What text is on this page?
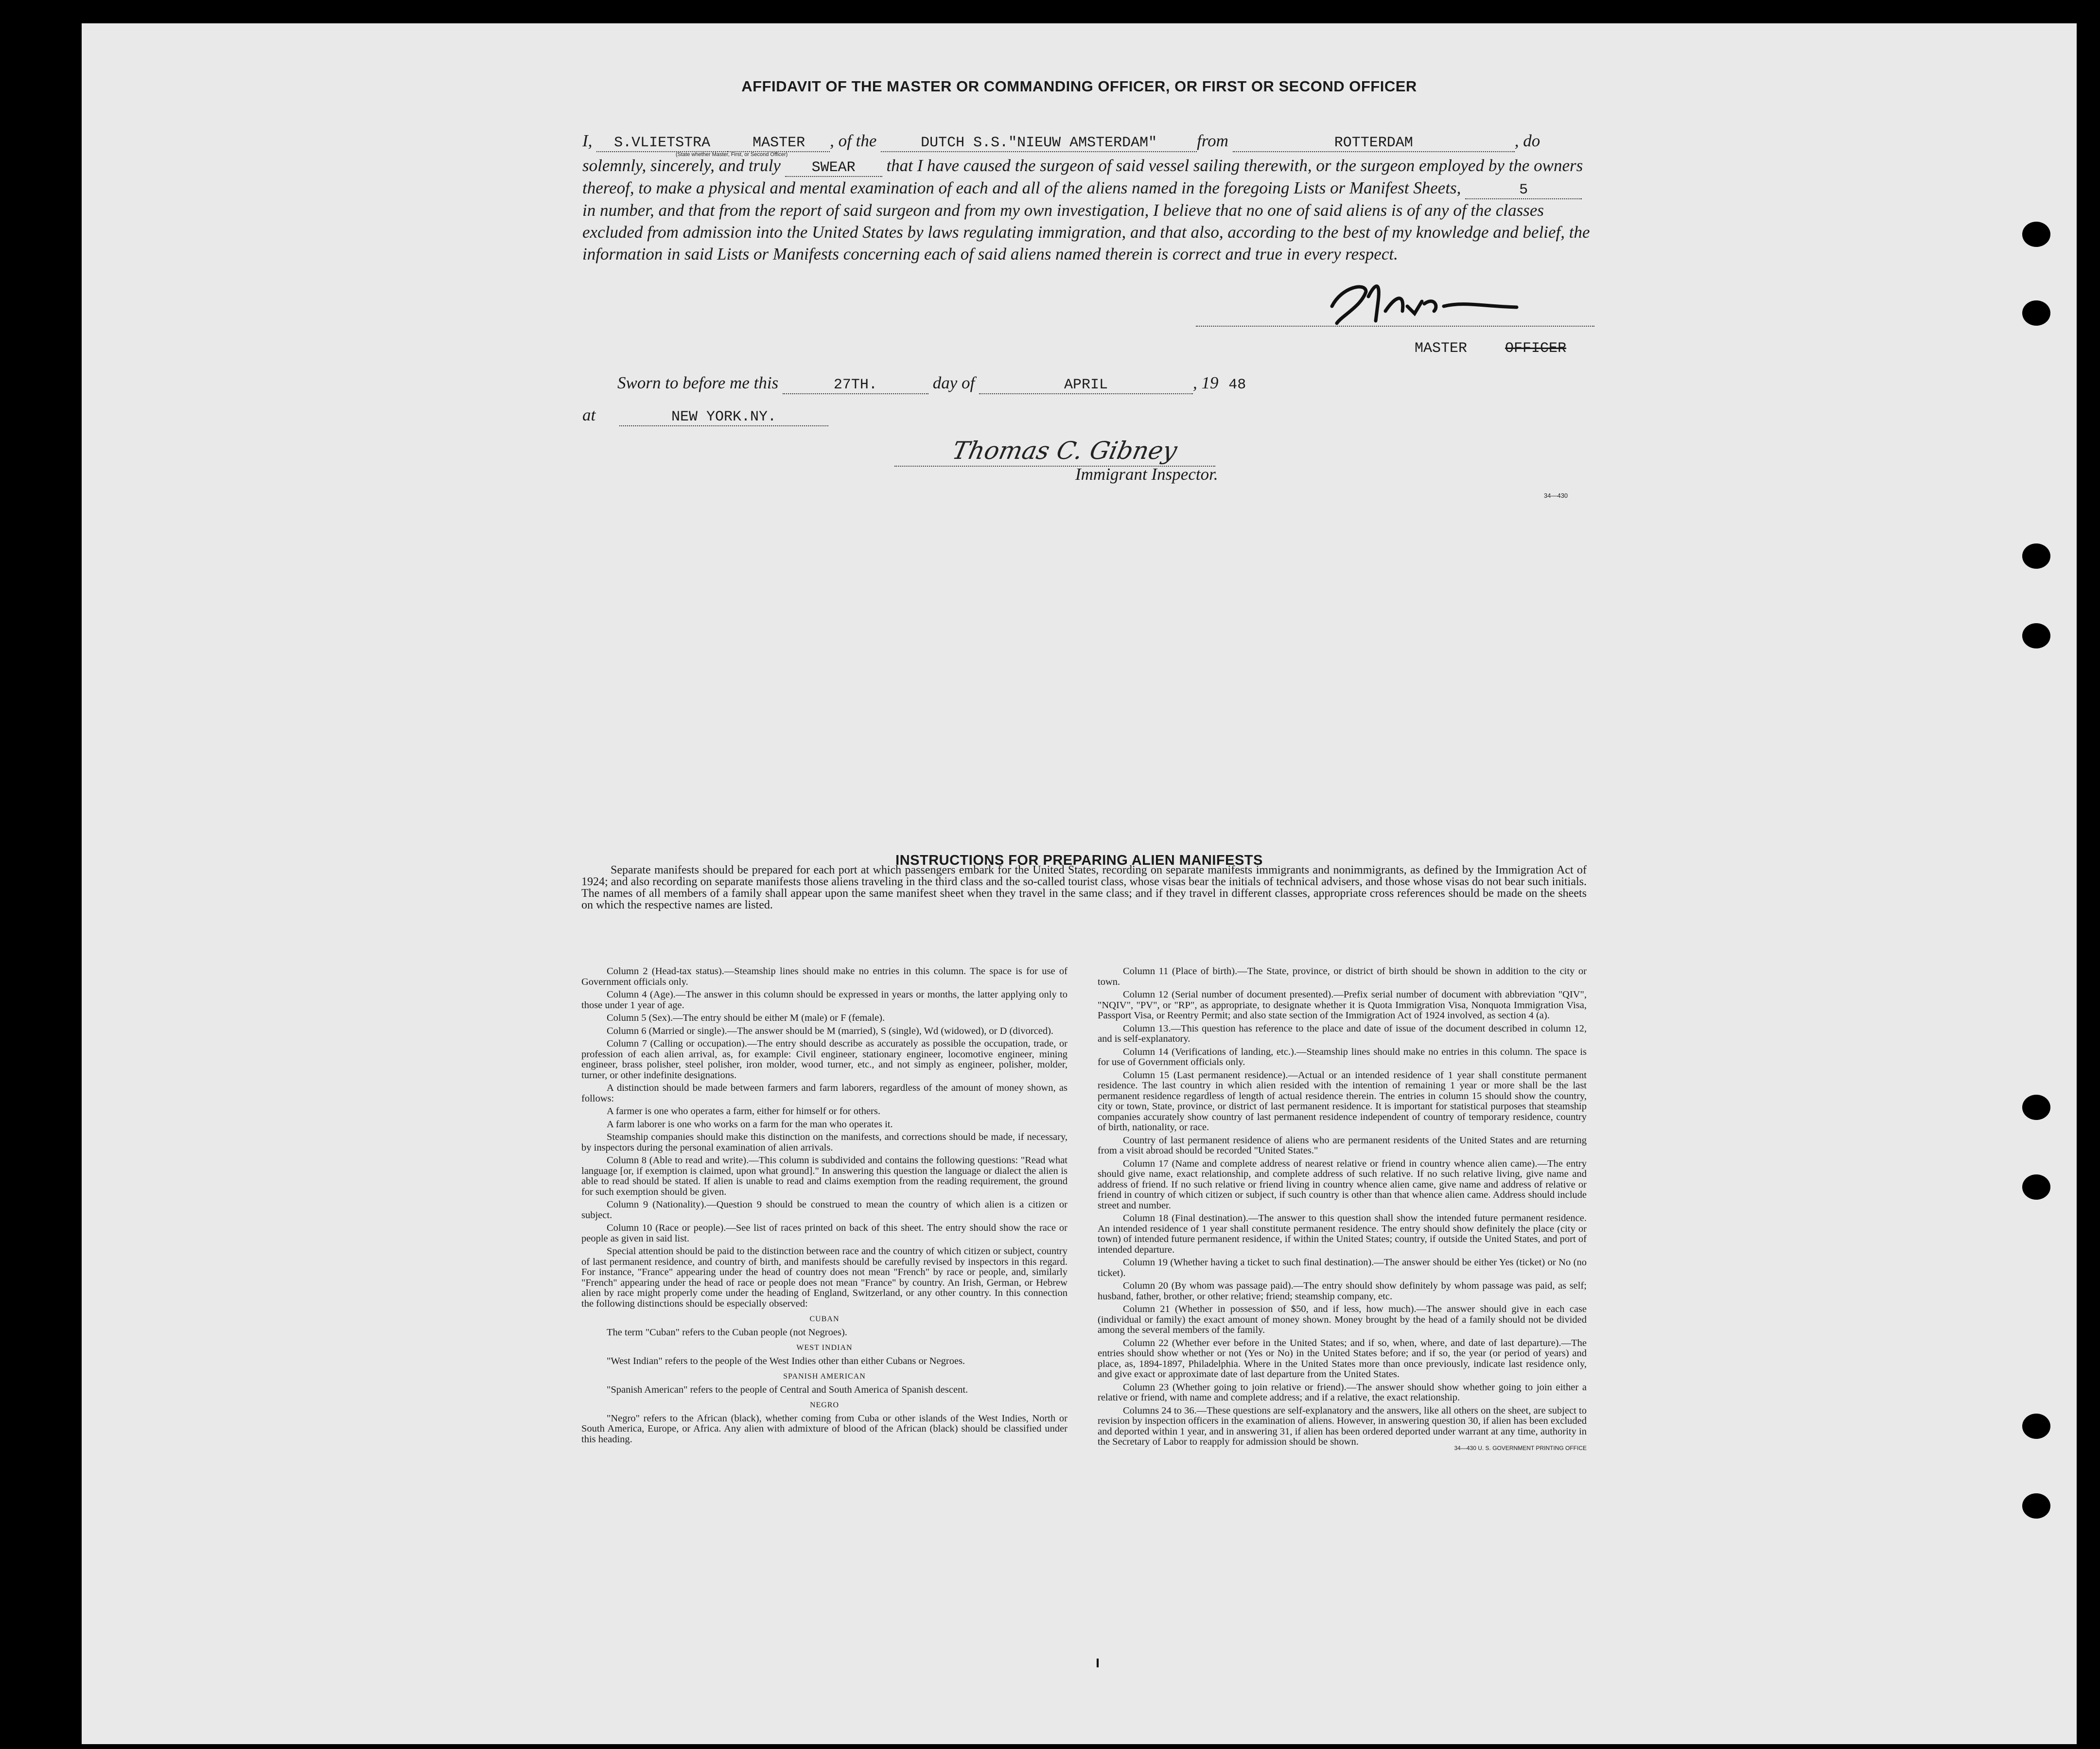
AFFIDAVIT OF THE MASTER OR COMMANDING OFFICER, OR FIRST OR SECOND OFFICER
I, S.VLIETSTRA	MASTER , of the	DUTCH S.S."NIEUW AMSTERDAM" from	ROTTERDAM	, do
(State whether Master, First, or Second Officer)
solemnly, sincerely, and truly SWEAR that I have caused the surgeon of said vessel sailing therewith, or the surgeon employed by the owners thereof, to make a physical and mental examination of each and all of the aliens named in the foregoing Lists or Manifest Sheets,	5 in number, and that from the report of said surgeon and from my own investigation, I believe that no one of said aliens is of any of the classes excluded from admission into the United States by laws regulating immigration, and that also, according to the best of my knowledge and belief, the information in said Lists or Manifests concerning each of said aliens named therein is correct and true in every respect.
MASTER	OFFICER
Sworn to before me this	27TH.	day of	APRIL	, 19 48
at	NEW YORK.NY.
Thomas C. Gibney
Immigrant Inspector.
34—430
INSTRUCTIONS FOR PREPARING ALIEN MANIFESTS
Separate manifests should be prepared for each port at which passengers embark for the United States, recording on separate manifests immigrants and nonimmigrants, as defined by the Immigration Act of 1924; and also recording on separate manifests those aliens traveling in the third class and the so-called tourist class, whose visas bear the initials of technical advisers, and those whose visas do not bear such initials. The names of all members of a family shall appear upon the same manifest sheet when they travel in the same class; and if they travel in different classes, appropriate cross references should be made on the sheets on which the respective names are listed.

Column 2 (Head-tax status).—Steamship lines should make no entries in this column. The space is for use of Government officials only.

Column 4 (Age).—The answer in this column should be expressed in years or months, the latter applying only to those under 1 year of age.

Column 5 (Sex).—The entry should be either M (male) or F (female).

Column 6 (Married or single).—The answer should be M (married), S (single), Wd (widowed), or D (divorced).

Column 7 (Calling or occupation).—The entry should describe as accurately as possible the occupation, trade, or profession of each alien arrival, as, for example: Civil engineer, stationary engineer, locomotive engineer, mining engineer, brass polisher, steel polisher, iron molder, wood turner, etc., and not simply as engineer, polisher, molder, turner, or other indefinite designations.

A distinction should be made between farmers and farm laborers, regardless of the amount of money shown, as follows:

A farmer is one who operates a farm, either for himself or for others.

A farm laborer is one who works on a farm for the man who operates it.

Steamship companies should make this distinction on the manifests, and corrections should be made, if necessary, by inspectors during the personal examination of alien arrivals.

Column 8 (Able to read and write).—This column is subdivided and contains the following questions: "Read what language [or, if exemption is claimed, upon what ground]." In answering this question the language or dialect the alien is able to read should be stated. If alien is unable to read and claims exemption from the reading requirement, the ground for such exemption should be given.

Column 9 (Nationality).—Question 9 should be construed to mean the country of which alien is a citizen or subject.

Column 10 (Race or people).—See list of races printed on back of this sheet. The entry should show the race or people as given in said list.

Special attention should be paid to the distinction between race and the country of which citizen or subject, country of last permanent residence, and country of birth, and manifests should be carefully revised by inspectors in this regard. For instance, "France" appearing under the head of country does not mean "French" by race or people, and, similarly "French" appearing under the head of race or people does not mean "France" by country. An Irish, German, or Hebrew alien by race might properly come under the heading of England, Switzerland, or any other country. In this connection the following distinctions should be especially observed:

CUBAN

The term "Cuban" refers to the Cuban people (not Negroes).

WEST INDIAN

"West Indian" refers to the people of the West Indies other than either Cubans or Negroes.

SPANISH AMERICAN

"Spanish American" refers to the people of Central and South America of Spanish descent.

NEGRO

"Negro" refers to the African (black), whether coming from Cuba or other islands of the West Indies, North or South America, Europe, or Africa. Any alien with admixture of blood of the African (black) should be classified under this heading.

Column 11 (Place of birth).—The State, province, or district of birth should be shown in addition to the city or town.

Column 12 (Serial number of document presented).—Prefix serial number of document with abbreviation "QIV", "NQIV", "PV", or "RP", as appropriate, to designate whether it is Quota Immigration Visa, Nonquota Immigration Visa, Passport Visa, or Reentry Permit; and also state section of the Immigration Act of 1924 involved, as section 4 (a).

Column 13.—This question has reference to the place and date of issue of the document described in column 12, and is self-explanatory.

Column 14 (Verifications of landing, etc.).—Steamship lines should make no entries in this column. The space is for use of Government officials only.

Column 15 (Last permanent residence).—Actual or an intended residence of 1 year shall constitute permanent residence. The last country in which alien resided with the intention of remaining 1 year or more shall be the last permanent residence regardless of length of actual residence therein. The entries in column 15 should show the country, city or town, State, province, or district of last permanent residence. It is important for statistical purposes that steamship companies accurately show country of last permanent residence independent of country of temporary residence, country of birth, nationality, or race.

Country of last permanent residence of aliens who are permanent residents of the United States and are returning from a visit abroad should be recorded "United States."

Column 17 (Name and complete address of nearest relative or friend in country whence alien came).—The entry should give name, exact relationship, and complete address of such relative. If no such relative living, give name and address of friend. If no such relative or friend living in country whence alien came, give name and address of relative or friend in country of which citizen or subject, if such country is other than that whence alien came. Address should include street and number.

Column 18 (Final destination).—The answer to this question shall show the intended future permanent residence. An intended residence of 1 year shall constitute permanent residence. The entry should show definitely the place (city or town) of intended future permanent residence, if within the United States; country, if outside the United States, and port of intended departure.

Column 19 (Whether having a ticket to such final destination).—The answer should be either Yes (ticket) or No (no ticket).

Column 20 (By whom was passage paid).—The entry should show definitely by whom passage was paid, as self; husband, father, brother, or other relative; friend; steamship company, etc.

Column 21 (Whether in possession of $50, and if less, how much).—The answer should give in each case (individual or family) the exact amount of money shown. Money brought by the head of a family should not be divided among the several members of the family.

Column 22 (Whether ever before in the United States; and if so, when, where, and date of last departure).—The entries should show whether or not (Yes or No) in the United States before; and if so, the year (or period of years) and place, as, 1894-1897, Philadelphia. Where in the United States more than once previously, indicate last residence only, and give exact or approximate date of last departure from the United States.

Column 23 (Whether going to join relative or friend).—The answer should show whether going to join either a relative or friend, with name and complete address; and if a relative, the exact relationship.

Columns 24 to 36.—These questions are self-explanatory and the answers, like all others on the sheet, are subject to revision by inspection officers in the examination of aliens. However, in answering question 30, if alien has been excluded and deported within 1 year, and in answering 31, if alien has been ordered deported under warrant at any time, authority in the Secretary of Labor to reapply for admission should be shown.

34—430 U. S. GOVERNMENT PRINTING OFFICE
